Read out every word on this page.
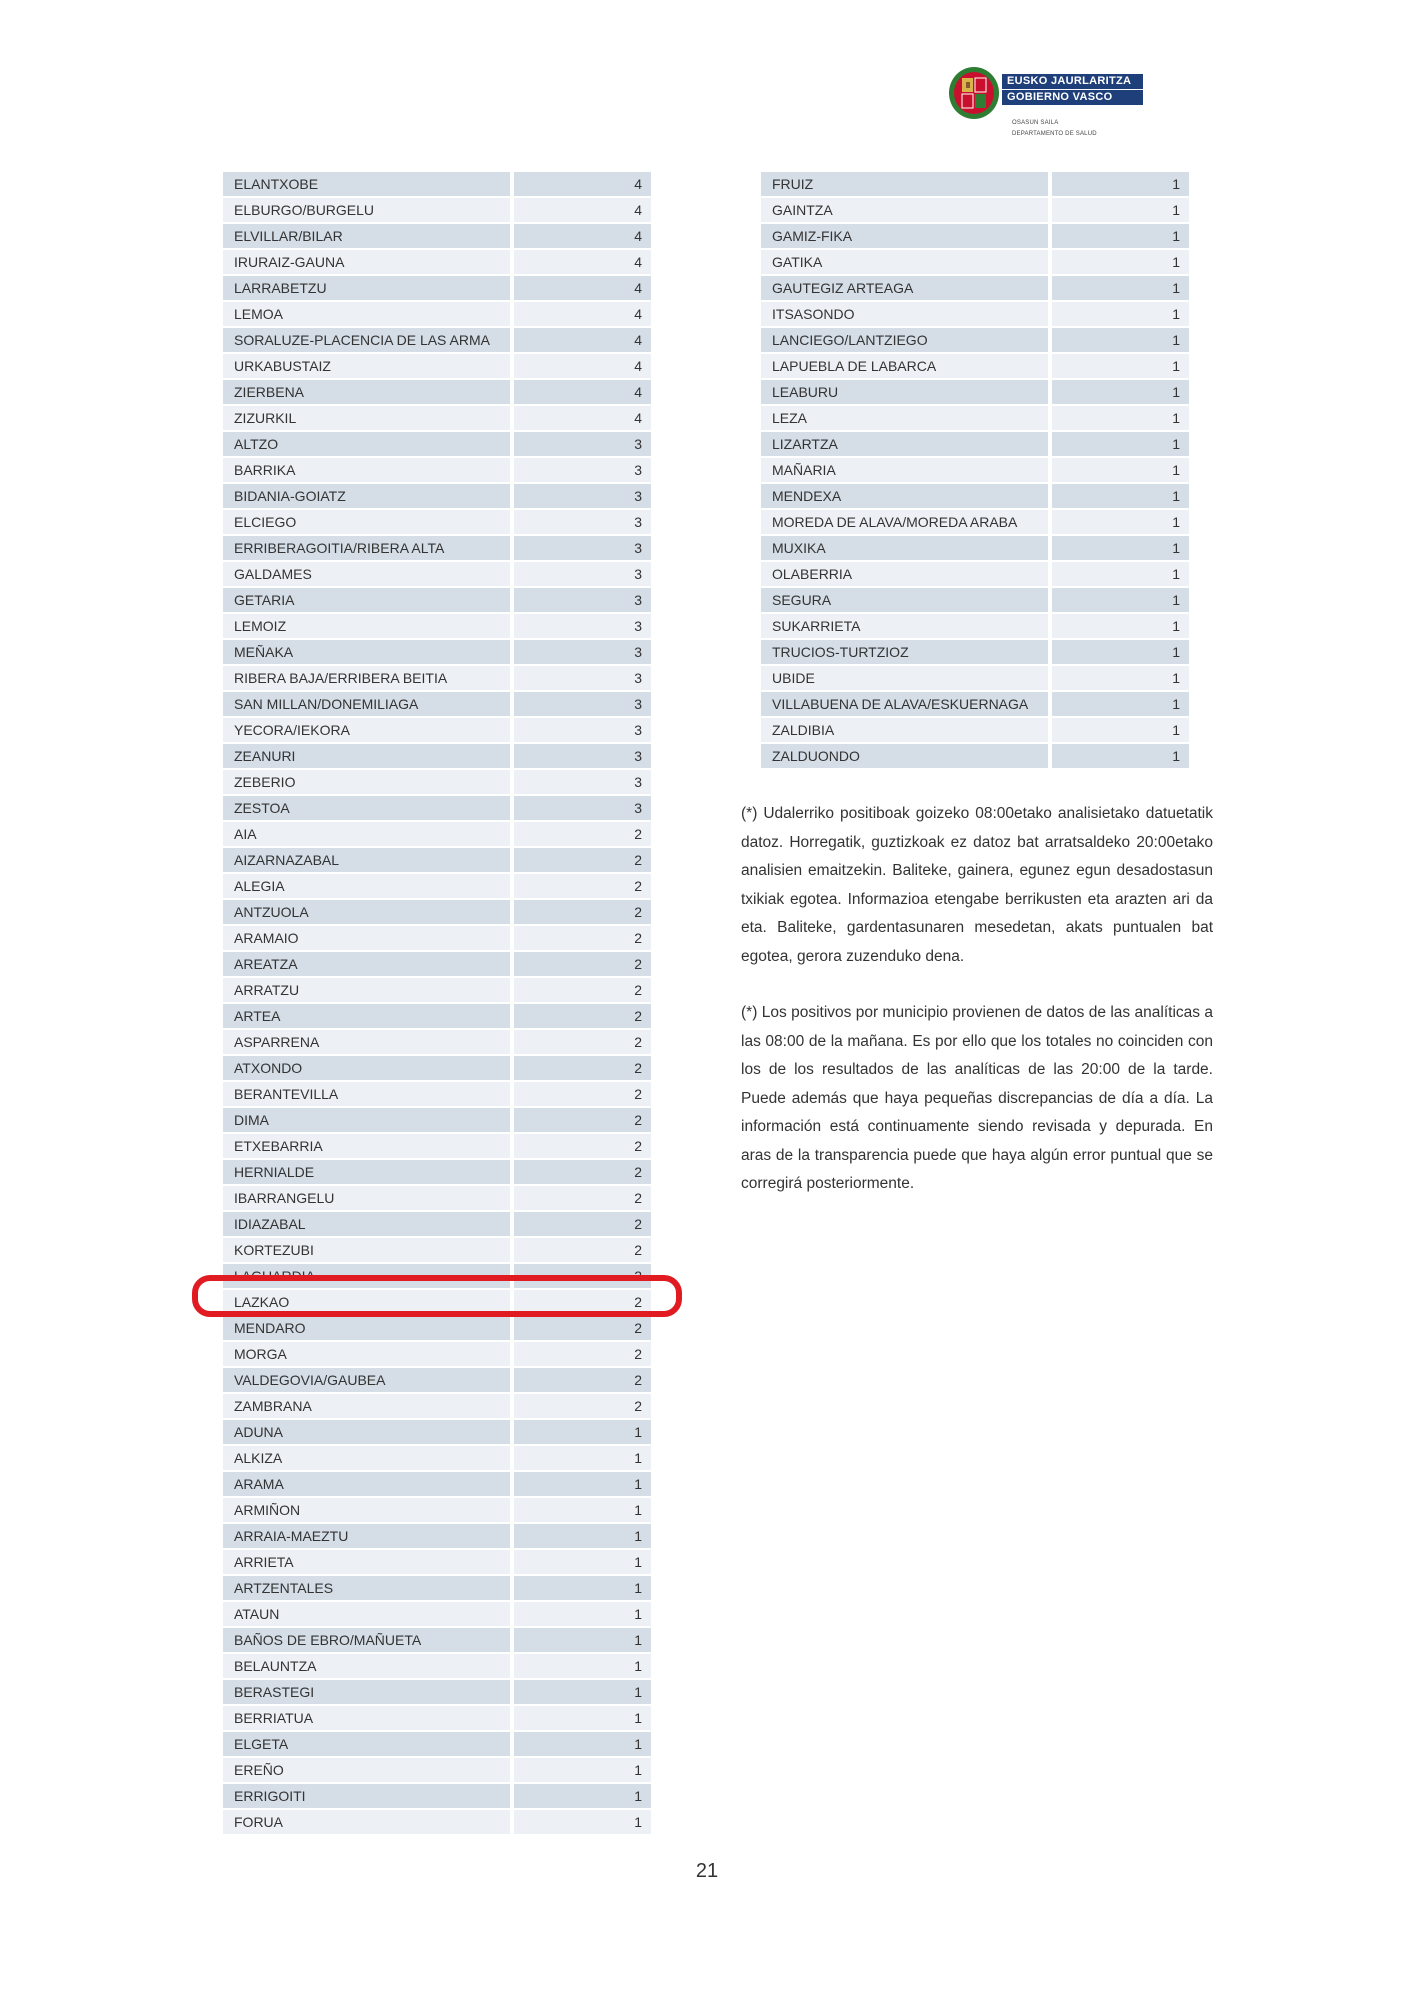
EUSKO JAURLARITZA
GOBIERNO VASCO
OSASUN SAILA
DEPARTAMENTO DE SALUD
ELANTXOBE	4
ELBURGO/BURGELU	4
ELVILLAR/BILAR	4
IRURAIZ-GAUNA	4
LARRABETZU	4
LEMOA	4
SORALUZE-PLACENCIA DE LAS ARMA	4
URKABUSTAIZ	4
ZIERBENA	4
ZIZURKIL	4
ALTZO	3
BARRIKA	3
BIDANIA-GOIATZ	3
ELCIEGO	3
ERRIBERAGOITIA/RIBERA ALTA	3
GALDAMES	3
GETARIA	3
LEMOIZ	3
MEÑAKA	3
RIBERA BAJA/ERRIBERA BEITIA	3
SAN MILLAN/DONEMILIAGA	3
YECORA/IEKORA	3
ZEANURI	3
ZEBERIO	3
ZESTOA	3
AIA	2
AIZARNAZABAL	2
ALEGIA	2
ANTZUOLA	2
ARAMAIO	2
AREATZA	2
ARRATZU	2
ARTEA	2
ASPARRENA	2
ATXONDO	2
BERANTEVILLA	2
DIMA	2
ETXEBARRIA	2
HERNIALDE	2
IBARRANGELU	2
IDIAZABAL	2
KORTEZUBI	2
LAGUARDIA	2
LAZKAO	2
MENDARO	2
MORGA	2
VALDEGOVIA/GAUBEA	2
ZAMBRANA	2
ADUNA	1
ALKIZA	1
ARAMA	1
ARMIÑON	1
ARRAIA-MAEZTU	1
ARRIETA	1
ARTZENTALES	1
ATAUN	1
BAÑOS DE EBRO/MAÑUETA	1
BELAUNTZA	1
BERASTEGI	1
BERRIATUA	1
ELGETA	1
EREÑO	1
ERRIGOITI	1
FORUA	1
FRUIZ	1
GAINTZA	1
GAMIZ-FIKA	1
GATIKA	1
GAUTEGIZ ARTEAGA	1
ITSASONDO	1
LANCIEGO/LANTZIEGO	1
LAPUEBLA DE LABARCA	1
LEABURU	1
LEZA	1
LIZARTZA	1
MAÑARIA	1
MENDEXA	1
MOREDA DE ALAVA/MOREDA ARABA	1
MUXIKA	1
OLABERRIA	1
SEGURA	1
SUKARRIETA	1
TRUCIOS-TURTZIOZ	1
UBIDE	1
VILLABUENA DE ALAVA/ESKUERNAGA	1
ZALDIBIA	1
ZALDUONDO	1

(*) Udalerriko positiboak goizeko 08:00etako analisietako datuetatik datoz. Horregatik, guztizkoak ez datoz bat arratsaldeko 20:00etako analisien emaitzekin. Baliteke, gainera, egunez egun desadostasun txikiak egotea. Informazioa etengabe berrikusten eta arazten ari da eta. Baliteke, gardentasunaren mesedetan, akats puntualen bat egotea, gerora zuzenduko dena.

(*) Los positivos por municipio provienen de datos de las analíticas a las 08:00 de la mañana. Es por ello que los totales no coinciden con los de los resultados de las analíticas de las 20:00 de la tarde. Puede además que haya pequeñas discrepancias de día a día. La información está continuamente siendo revisada y depurada. En aras de la transparencia puede que haya algún error puntual que se corregirá posteriormente.

21
